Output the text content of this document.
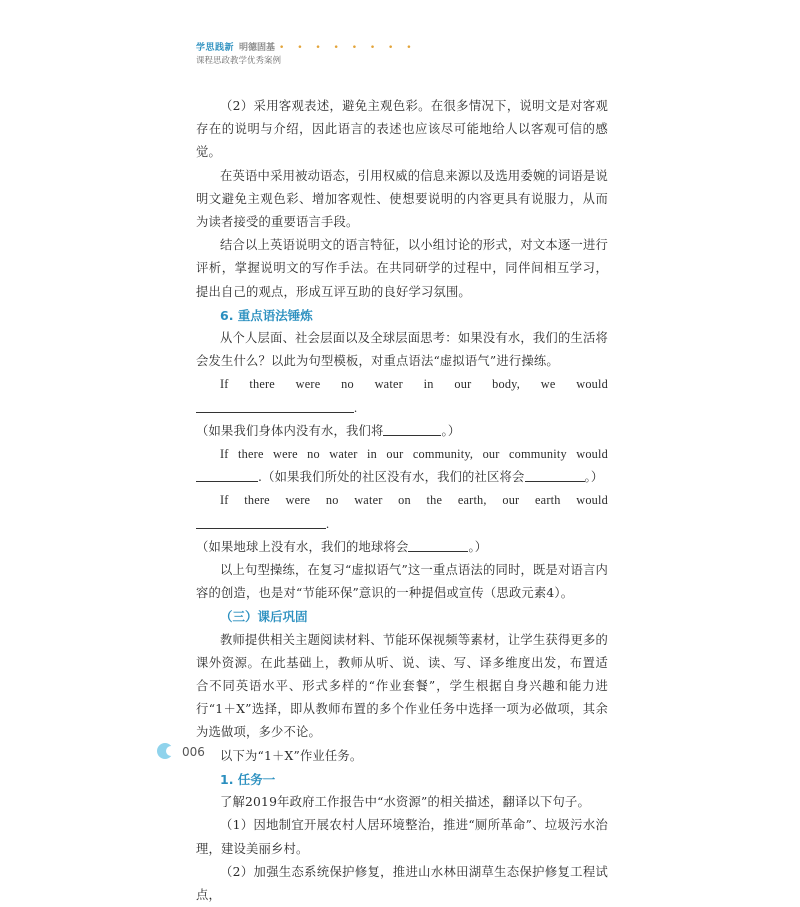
学思践新 明德固基 • • • • • • • •
课程思政教学优秀案例

（2）采用客观表述，避免主观色彩。在很多情况下，说明文是对客观存在的说明与介绍，因此语言的表述也应该尽可能地给人以客观可信的感觉。

在英语中采用被动语态，引用权威的信息来源以及选用委婉的词语是说明文避免主观色彩、增加客观性、使想要说明的内容更具有说服力，从而为读者接受的重要语言手段。

结合以上英语说明文的语言特征，以小组讨论的形式，对文本逐一进行评析，掌握说明文的写作手法。在共同研学的过程中，同伴间相互学习，提出自己的观点，形成互评互助的良好学习氛围。

6. 重点语法锤炼

从个人层面、社会层面以及全球层面思考：如果没有水，我们的生活将会发生什么？以此为句型模板，对重点语法“虚拟语气”进行操练。

If there were no water in our body, we would .

（如果我们身体内没有水，我们将	。）

If there were no water in our community, our community would

.（如果我们所处的社区没有水，我们的社区将会	。）

If there were no water on the earth, our earth would .

（如果地球上没有水，我们的地球将会	。）

以上句型操练，在复习“虚拟语气”这一重点语法的同时，既是对语言内容的创造，也是对“节能环保”意识的一种提倡或宣传（思政元素4）。

（三）课后巩固

教师提供相关主题阅读材料、节能环保视频等素材，让学生获得更多的课外资源。在此基础上，教师从听、说、读、写、译多维度出发，布置适合不同英语水平、形式多样的“作业套餐”，学生根据自身兴趣和能力进行“1＋X”选择，即从教师布置的多个作业任务中选择一项为必做项，其余为选做项，多少不论。

以下为“1＋X”作业任务。

1. 任务一

了解2019年政府工作报告中“水资源”的相关描述，翻译以下句子。

（1）因地制宜开展农村人居环境整治，推进“厕所革命”、垃圾污水治理，建设美丽乡村。

（2）加强生态系统保护修复，推进山水林田湖草生态保护修复工程试点，

006
